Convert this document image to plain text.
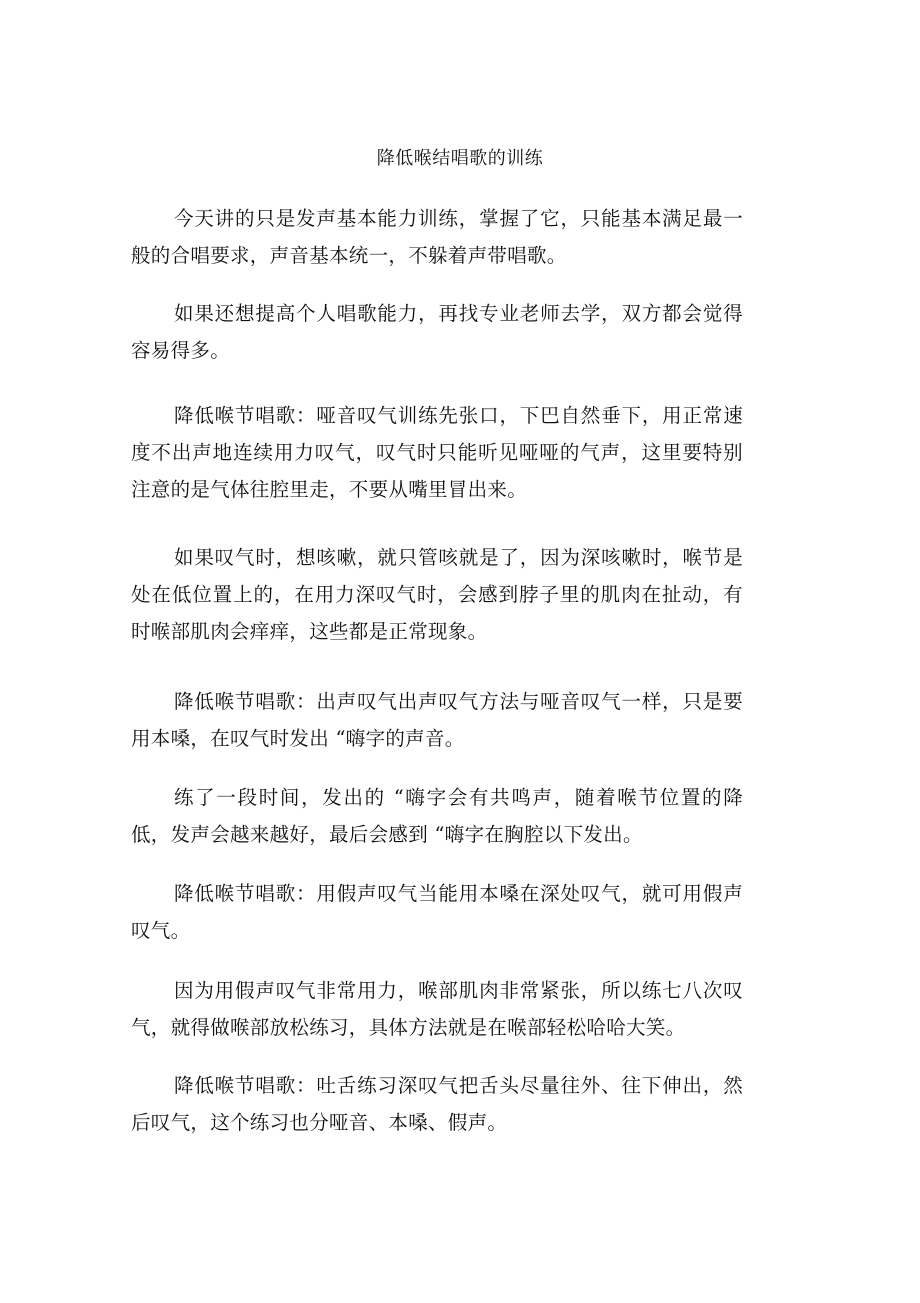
降低喉结唱歌的训练

今天讲的只是发声基本能力训练，掌握了它，只能基本满足最一般的合唱要求，声音基本统一，不躲着声带唱歌。

如果还想提高个人唱歌能力，再找专业老师去学，双方都会觉得容易得多。

降低喉节唱歌：哑音叹气训练先张口，下巴自然垂下，用正常速度不出声地连续用力叹气，叹气时只能听见哑哑的气声，这里要特别注意的是气体往腔里走，不要从嘴里冒出来。

如果叹气时，想咳嗽，就只管咳就是了，因为深咳嗽时，喉节是处在低位置上的，在用力深叹气时，会感到脖子里的肌肉在扯动，有时喉部肌肉会痒痒，这些都是正常现象。

降低喉节唱歌：出声叹气出声叹气方法与哑音叹气一样，只是要用本嗓，在叹气时发出 “嗨字的声音。

练了一段时间，发出的 “嗨字会有共鸣声，随着喉节位置的降低，发声会越来越好，最后会感到 “嗨字在胸腔以下发出。

降低喉节唱歌：用假声叹气当能用本嗓在深处叹气，就可用假声叹气。

因为用假声叹气非常用力，喉部肌肉非常紧张，所以练七八次叹气，就得做喉部放松练习，具体方法就是在喉部轻松哈哈大笑。

降低喉节唱歌：吐舌练习深叹气把舌头尽量往外、往下伸出，然后叹气，这个练习也分哑音、本嗓、假声。
